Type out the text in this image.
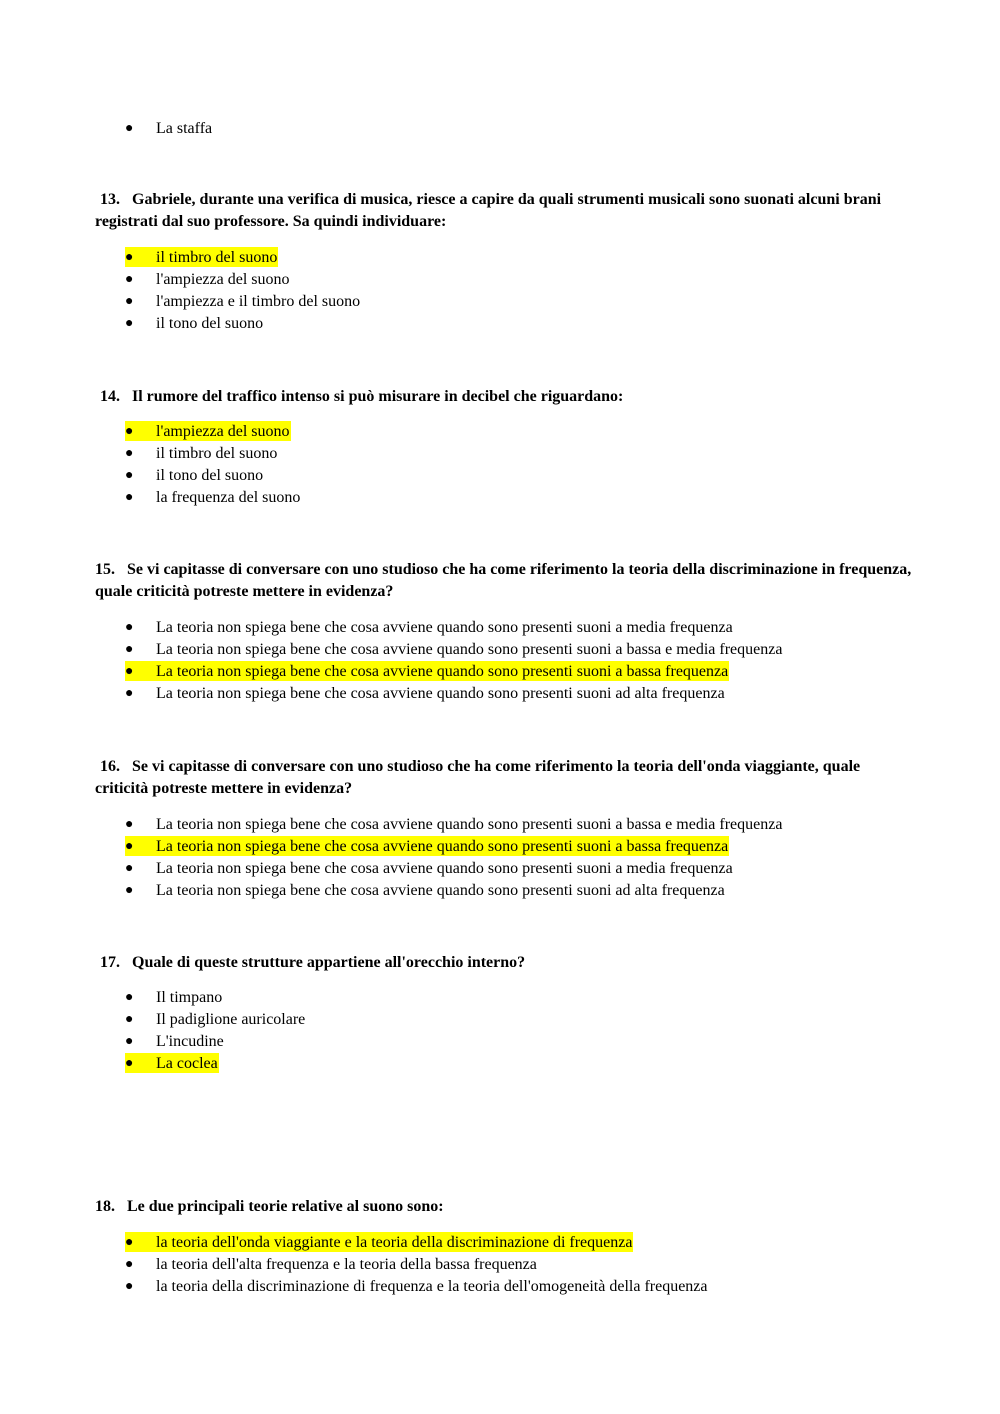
●	La staffa
13. Gabriele, durante una verifica di musica, riesce a capire da quali strumenti musicali sono suonati alcuni brani registrati dal suo professore. Sa quindi individuare:
●	il timbro del suono
●	l'ampiezza del suono
●	l'ampiezza e il timbro del suono
●	il tono del suono
14. Il rumore del traffico intenso si può misurare in decibel che riguardano:
●	l'ampiezza del suono
●	il timbro del suono
●	il tono del suono
●	la frequenza del suono
15. Se vi capitasse di conversare con uno studioso che ha come riferimento la teoria della discriminazione in frequenza, quale criticità potreste mettere in evidenza?
●	La teoria non spiega bene che cosa avviene quando sono presenti suoni a media frequenza
●	La teoria non spiega bene che cosa avviene quando sono presenti suoni a bassa e media frequenza
●	La teoria non spiega bene che cosa avviene quando sono presenti suoni a bassa frequenza
●	La teoria non spiega bene che cosa avviene quando sono presenti suoni ad alta frequenza
16. Se vi capitasse di conversare con uno studioso che ha come riferimento la teoria dell'onda viaggiante, quale criticità potreste mettere in evidenza?
●	La teoria non spiega bene che cosa avviene quando sono presenti suoni a bassa e media frequenza
●	La teoria non spiega bene che cosa avviene quando sono presenti suoni a bassa frequenza
●	La teoria non spiega bene che cosa avviene quando sono presenti suoni a media frequenza
●	La teoria non spiega bene che cosa avviene quando sono presenti suoni ad alta frequenza
17. Quale di queste strutture appartiene all'orecchio interno?
●	Il timpano
●	Il padiglione auricolare
●	L'incudine
●	La coclea
18. Le due principali teorie relative al suono sono:
●	la teoria dell'onda viaggiante e la teoria della discriminazione di frequenza
●	la teoria dell'alta frequenza e la teoria della bassa frequenza
●	la teoria della discriminazione di frequenza e la teoria dell'omogeneità della frequenza
